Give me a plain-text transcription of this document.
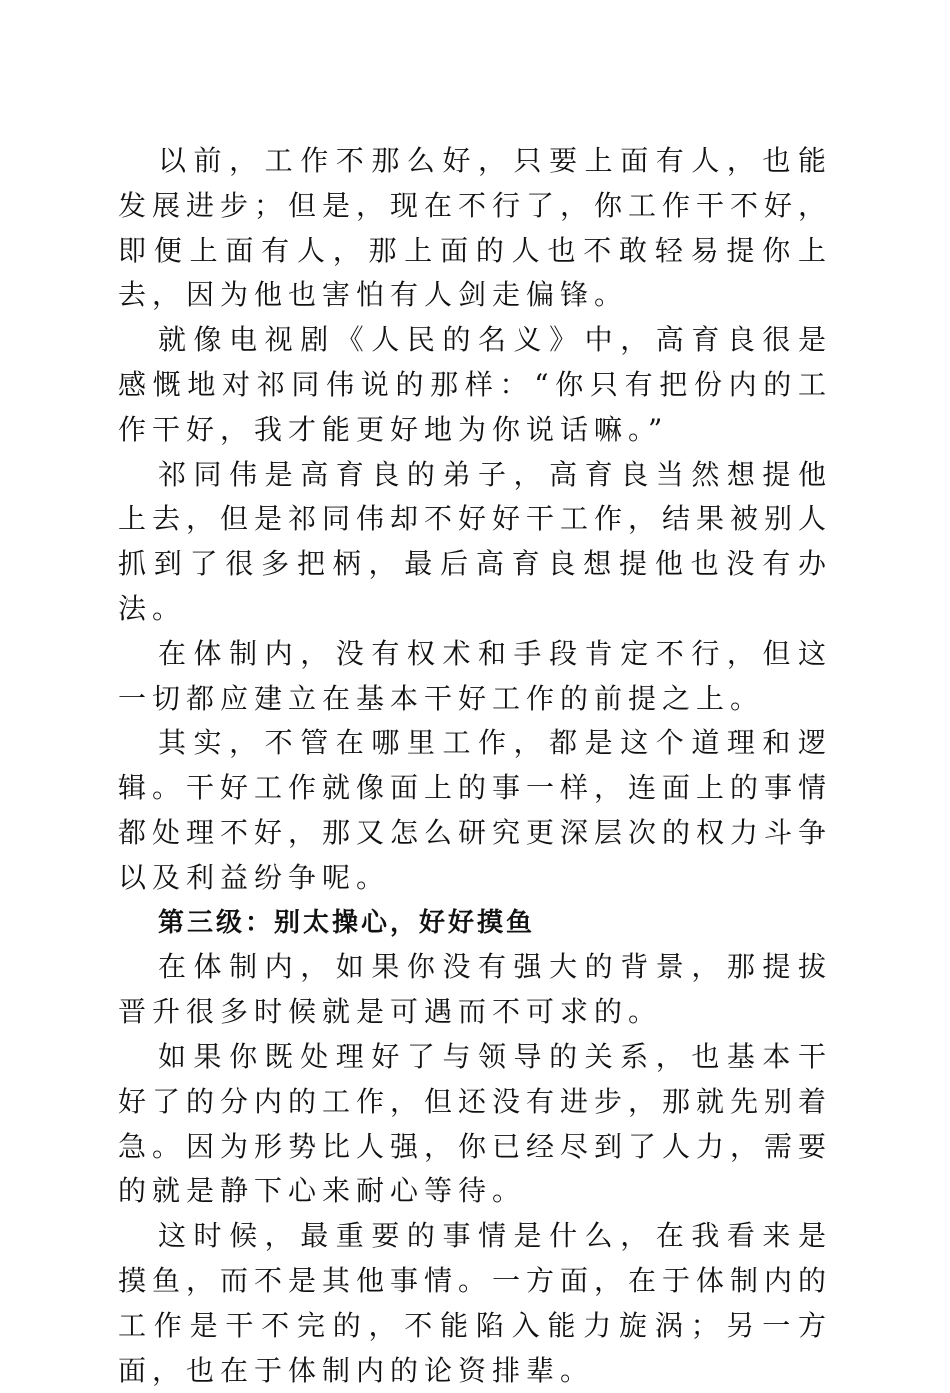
以前，工作不那么好，只要上面有人，也能发展进步；但是，现在不行了，你工作干不好，即便上面有人，那上面的人也不敢轻易提你上去，因为他也害怕有人剑走偏锋。

就像电视剧《人民的名义》中，高育良很是感慨地对祁同伟说的那样：“你只有把份内的工作干好，我才能更好地为你说话嘛。”

祁同伟是高育良的弟子，高育良当然想提他上去，但是祁同伟却不好好干工作，结果被别人抓到了很多把柄，最后高育良想提他也没有办法。

在体制内，没有权术和手段肯定不行，但这一切都应建立在基本干好工作的前提之上。

其实，不管在哪里工作，都是这个道理和逻辑。干好工作就像面上的事一样，连面上的事情都处理不好，那又怎么研究更深层次的权力斗争以及利益纷争呢。

第三级：别太操心，好好摸鱼

在体制内，如果你没有强大的背景，那提拔晋升很多时候就是可遇而不可求的。

如果你既处理好了与领导的关系，也基本干好了的分内的工作，但还没有进步，那就先别着急。因为形势比人强，你已经尽到了人力，需要的就是静下心来耐心等待。

这时候，最重要的事情是什么，在我看来是摸鱼，而不是其他事情。一方面，在于体制内的工作是干不完的，不能陷入能力旋涡；另一方面，也在于体制内的论资排辈。
